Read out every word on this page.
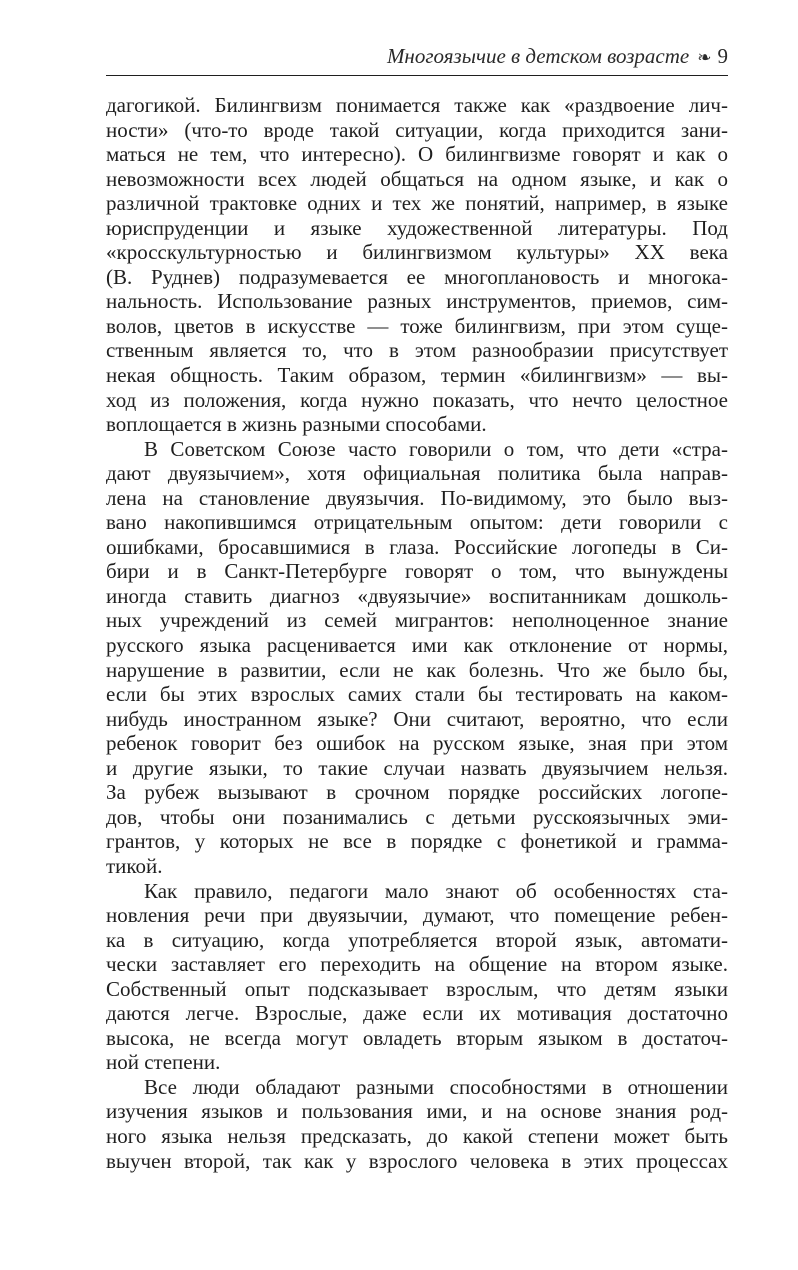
Многоязычие в детском возрасте ❧ 9
дагогикой. Билингвизм понимается также как «раздвоение лич-
ности» (что-то вроде такой ситуации, когда приходится зани-
маться не тем, что интересно). О билингвизме говорят и как о
невозможности всех людей общаться на одном языке, и как о
различной трактовке одних и тех же понятий, например, в языке
юриспруденции и языке художественной литературы. Под
«кросскультурностью и билингвизмом культуры» XX века
(В. Руднев) подразумевается ее многоплановость и многока-
нальность. Использование разных инструментов, приемов, сим-
волов, цветов в искусстве — тоже билингвизм, при этом суще-
ственным является то, что в этом разнообразии присутствует
некая общность. Таким образом, термин «билингвизм» — вы-
ход из положения, когда нужно показать, что нечто целостное
воплощается в жизнь разными способами.
В Советском Союзе часто говорили о том, что дети «стра-
дают двуязычием», хотя официальная политика была направ-
лена на становление двуязычия. По-видимому, это было выз-
вано накопившимся отрицательным опытом: дети говорили с
ошибками, бросавшимися в глаза. Российские логопеды в Си-
бири и в Санкт-Петербурге говорят о том, что вынуждены
иногда ставить диагноз «двуязычие» воспитанникам дошколь-
ных учреждений из семей мигрантов: неполноценное знание
русского языка расценивается ими как отклонение от нормы,
нарушение в развитии, если не как болезнь. Что же было бы,
если бы этих взрослых самих стали бы тестировать на каком-
нибудь иностранном языке? Они считают, вероятно, что если
ребенок говорит без ошибок на русском языке, зная при этом
и другие языки, то такие случаи назвать двуязычием нельзя.
За рубеж вызывают в срочном порядке российских логопе-
дов, чтобы они позанимались с детьми русскоязычных эми-
грантов, у которых не все в порядке с фонетикой и грамма-
тикой.
Как правило, педагоги мало знают об особенностях ста-
новления речи при двуязычии, думают, что помещение ребен-
ка в ситуацию, когда употребляется второй язык, автомати-
чески заставляет его переходить на общение на втором языке.
Собственный опыт подсказывает взрослым, что детям языки
даются легче. Взрослые, даже если их мотивация достаточно
высока, не всегда могут овладеть вторым языком в достаточ-
ной степени.
Все люди обладают разными способностями в отношении
изучения языков и пользования ими, и на основе знания род-
ного языка нельзя предсказать, до какой степени может быть
выучен второй, так как у взрослого человека в этих процессах
